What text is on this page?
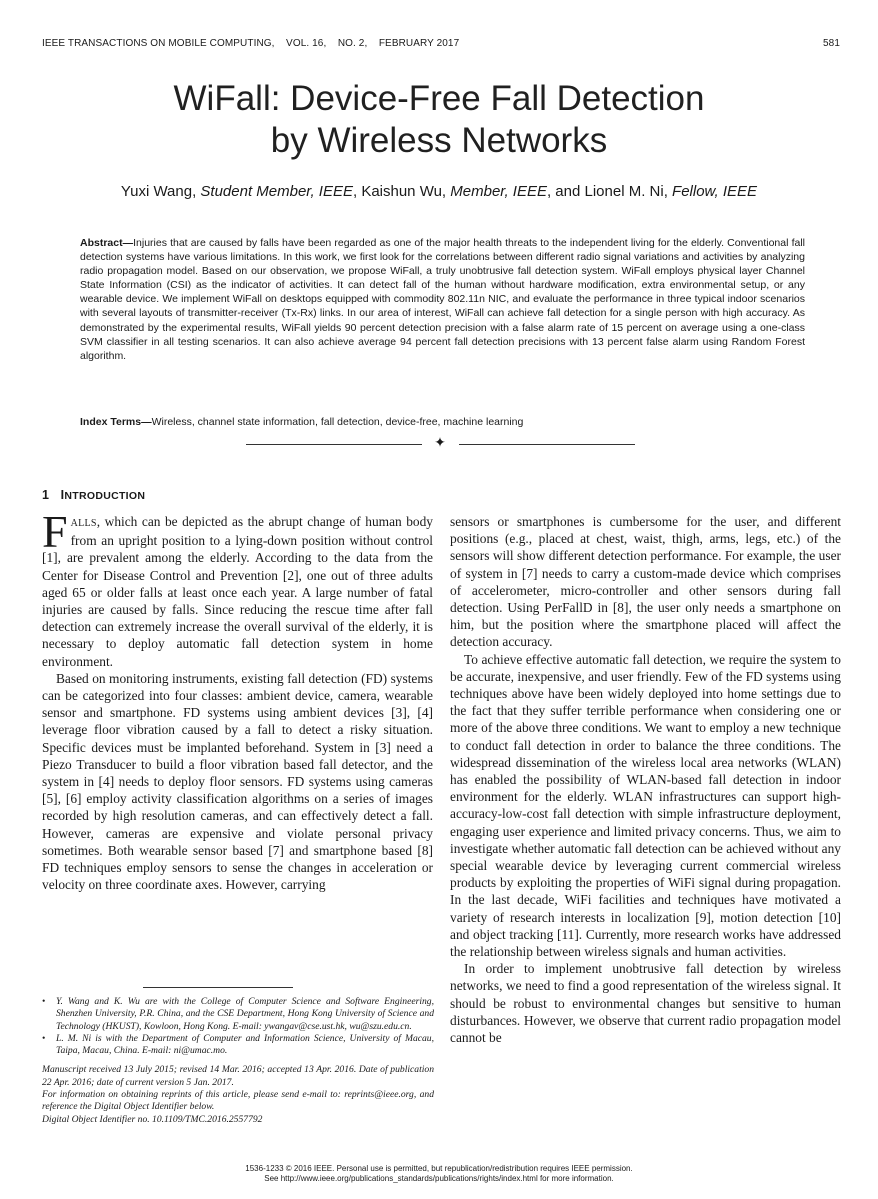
IEEE TRANSACTIONS ON MOBILE COMPUTING,    VOL. 16,    NO. 2,    FEBRUARY 2017	581
WiFall: Device-Free Fall Detection
by Wireless Networks
Yuxi Wang, Student Member, IEEE, Kaishun Wu, Member, IEEE, and Lionel M. Ni, Fellow, IEEE
Abstract—Injuries that are caused by falls have been regarded as one of the major health threats to the independent living for the elderly. Conventional fall detection systems have various limitations. In this work, we first look for the correlations between different radio signal variations and activities by analyzing radio propagation model. Based on our observation, we propose WiFall, a truly unobtrusive fall detection system. WiFall employs physical layer Channel State Information (CSI) as the indicator of activities. It can detect fall of the human without hardware modification, extra environmental setup, or any wearable device. We implement WiFall on desktops equipped with commodity 802.11n NIC, and evaluate the performance in three typical indoor scenarios with several layouts of transmitter-receiver (Tx-Rx) links. In our area of interest, WiFall can achieve fall detection for a single person with high accuracy. As demonstrated by the experimental results, WiFall yields 90 percent detection precision with a false alarm rate of 15 percent on average using a one-class SVM classifier in all testing scenarios. It can also achieve average 94 percent fall detection precisions with 13 percent false alarm using Random Forest algorithm.
Index Terms—Wireless, channel state information, fall detection, device-free, machine learning
✦
1 INTRODUCTION

FALLS, which can be depicted as the abrupt change of human body from an upright position to a lying-down position without control [1], are prevalent among the elderly. According to the data from the Center for Disease Control and Prevention [2], one out of three adults aged 65 or older falls at least once each year. A large number of fatal injuries are caused by falls. Since reducing the rescue time after fall detection can extremely increase the overall survival of the elderly, it is necessary to deploy automatic fall detection system in home environment.

Based on monitoring instruments, existing fall detection (FD) systems can be categorized into four classes: ambient device, camera, wearable sensor and smartphone. FD systems using ambient devices [3], [4] leverage floor vibration caused by a fall to detect a risky situation. Specific devices must be implanted beforehand. System in [3] need a Piezo Transducer to build a floor vibration based fall detector, and the system in [4] needs to deploy floor sensors. FD systems using cameras [5], [6] employ activity classification algorithms on a series of images recorded by high resolution cameras, and can effectively detect a fall. However, cameras are expensive and violate personal privacy sometimes. Both wearable sensor based [7] and smartphone based [8] FD techniques employ sensors to sense the changes in acceleration or velocity on three coordinate axes. However, carrying

sensors or smartphones is cumbersome for the user, and different positions (e.g., placed at chest, waist, thigh, arms, legs, etc.) of the sensors will show different detection performance. For example, the user of system in [7] needs to carry a custom-made device which comprises of accelerometer, micro-controller and other sensors during fall detection. Using PerFallD in [8], the user only needs a smartphone on him, but the position where the smartphone placed will affect the detection accuracy.

To achieve effective automatic fall detection, we require the system to be accurate, inexpensive, and user friendly. Few of the FD systems using techniques above have been widely deployed into home settings due to the fact that they suffer terrible performance when considering one or more of the above three conditions. We want to employ a new technique to conduct fall detection in order to balance the three conditions. The widespread dissemination of the wireless local area networks (WLAN) has enabled the possibility of WLAN-based fall detection in indoor environment for the elderly. WLAN infrastructures can support high-accuracy-low-cost fall detection with simple infrastructure deployment, engaging user experience and limited privacy concerns. Thus, we aim to investigate whether automatic fall detection can be achieved without any special wearable device by leveraging current commercial wireless products by exploiting the properties of WiFi signal during propagation. In the last decade, WiFi facilities and techniques have motivated a variety of research interests in localization [9], motion detection [10] and object tracking [11]. Currently, more research works have addressed the relationship between wireless signals and human activities.

In order to implement unobtrusive fall detection by wireless networks, we need to find a good representation of the wireless signal. It should be robust to environmental changes but sensitive to human disturbances. However, we observe that current radio propagation model cannot be

• Y. Wang and K. Wu are with the College of Computer Science and Software Engineering, Shenzhen University, P.R. China, and the CSE Department, Hong Kong University of Science and Technology (HKUST), Kowloon, Hong Kong. E-mail: ywangav@cse.ust.hk, wu@szu.edu.cn.

• L. M. Ni is with the Department of Computer and Information Science, University of Macau, Taipa, Macau, China. E-mail: ni@umac.mo.

Manuscript received 13 July 2015; revised 14 Mar. 2016; accepted 13 Apr. 2016. Date of publication 22 Apr. 2016; date of current version 5 Jan. 2017.

For information on obtaining reprints of this article, please send e-mail to: reprints@ieee.org, and reference the Digital Object Identifier below.

Digital Object Identifier no. 10.1109/TMC.2016.2557792

1536-1233 © 2016 IEEE. Personal use is permitted, but republication/redistribution requires IEEE permission.
See http://www.ieee.org/publications_standards/publications/rights/index.html for more information.
